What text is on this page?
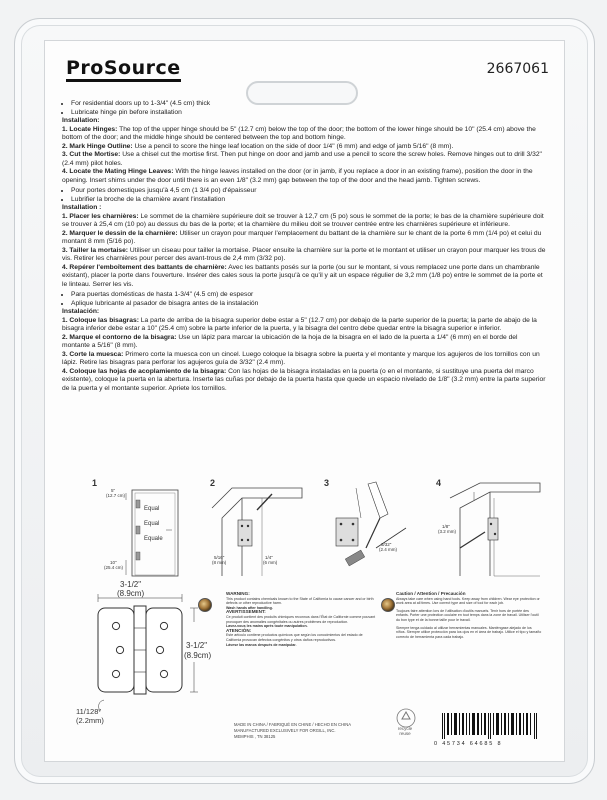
ProSource	2667061
• For residential doors up to 1-3/4" (4.5 cm) thick
• Lubricate hinge pin before installation
Installation:
1. Locate Hinges: The top of the upper hinge should be 5" (12.7 cm) below the top of the door; the bottom of the lower hinge should be 10" (25.4 cm) above the bottom of the door; and the middle hinge should be centered between the top and bottom hinge.
2. Mark Hinge Outline: Use a pencil to score the hinge leaf location on the side of door 1/4" (6 mm) and edge of jamb 5/16" (8 mm).
3. Cut the Mortise: Use a chisel cut the mortise first. Then put hinge on door and jamb and use a pencil to score the screw holes. Remove hinges out to drill 3/32" (2.4 mm) pilot holes.
4. Locate the Mating Hinge Leaves: With the hinge leaves installed on the door (or in jamb, if you replace a door in an existing frame), position the door in the opening. Insert shims under the door until there is an even 1/8" (3.2 mm) gap between the top of the door and the head jamb. Tighten screws.
• Pour portes domestiques jusqu'à 4,5 cm (1 3/4 po) d'épaisseur
• Lubrifier la broche de la charnière avant l'installation
Installation :
1. Placer les charnières: Le sommet de la charnière supérieure doit se trouver à 12,7 cm (5 po) sous le sommet de la porte; le bas de la charnière supérieure doit se trouver à 25,4 cm (10 po) au dessus du bas de la porte; et la charnière du milieu doit se trouver centrée entre les charnières supérieure et inférieure.
2. Marquer le dessin de la charnière: Utiliser un crayon pour marquer l'emplacement du battant de la charnière sur le chant de la porte 6 mm (1/4 po) et celui du montant 8 mm (5/16 po).
3. Tailler la mortaise: Utiliser un ciseau pour tailler la mortaise. Placer ensuite la charnière sur la porte et le montant et utiliser un crayon pour marquer les trous de vis. Retirer les charnières pour percer des avant-trous de 2,4 mm (3/32 po).
4. Repérer l'emboîtement des battants de charnière: Avec les battants posés sur la porte (ou sur le montant, si vous remplacez une porte dans un chambranle existant), placer la porte dans l'ouverture. Insérer des cales sous la porte jusqu'à ce qu'il y ait un espace régulier de 3,2 mm (1/8 po) entre le sommet de la porte et le linteau. Serrer les vis.
• Para puertas domésticas de hasta 1-3/4" (4.5 cm) de espesor
• Aplique lubricante al pasador de bisagra antes de la instalación
Instalación:
1. Coloque las bisagras: La parte de arriba de la bisagra superior debe estar a 5" (12.7 cm) por debajo de la parte superior de la puerta; la parte de abajo de la bisagra inferior debe estar a 10" (25.4 cm) sobre la parte inferior de la puerta, y la bisagra del centro debe quedar entre la bisagra superior e inferior.
2. Marque el contorno de la bisagra: Use un lápiz para marcar la ubicación de la hoja de la bisagra en el lado de la puerta a 1/4" (6 mm) en el borde del montante a 5/16" (8 mm).
3. Corte la muesca: Primero corte la muesca con un cincel. Luego coloque la bisagra sobre la puerta y el montante y marque los agujeros de los tornillos con un lápiz. Retire las bisagras para perforar los agujeros guía de 3/32" (2.4 mm).
4. Coloque las hojas de acoplamiento de la bisagra: Con las hojas de la bisagra instaladas en la puerta (o en el montante, si sustituye una puerta del marco existente), coloque la puerta en la abertura. Inserte las cuñas por debajo de la puerta hasta que quede un espacio nivelado de 1/8" (3.2 mm) entre la parte superior de la puerta y el montante superior. Apriete los tornillos.
1	2	3	4
5"
(12.7 cm)
Equal
Equal
Equale
10"
(25.4 cm)
5/16"
(8 mm)
1/4"
(6 mm)
3/32"
(2.4 mm)
1/8"
(3.2 mm)
3-1/2"
(8.9cm)
3-1/2"
(8.9cm)
11/128"
(2.2mm)
WARNING:
This product contains chemicals known to the State of California to cause cancer and or birth defects or other reproductive harm.
Wash hands after handling.
AVERTISSEMENT:
Ce produit contient des produits chimiques reconnus dans l'État de Californie comme pouvant provoquer des anomalies congénitales ou autres problèmes de reproduction.
Lavez-vous les mains après toute manipulation.
ATENCIÓN:
Este artículo contiene productos químicos que según los conocimientos del estado de California provocan defectos congénitos y otros daños reproductivos.
Lávese las manos después de manipular.
Caution / Attention / Precaución
Always take care when using hand tools. Keep away from children. Wear eye protection or work area at all times. Use correct type and size of tool for each job.
Toujours faire attention lors de l'utilisation d'outils manuels. Tenir hors de portée des enfants. Porter une protection oculaire en tout temps dans la zone de travail. Utiliser l'outil du bon type et de la bonne taille pour le travail.
Siempre tenga cuidado al utilizar herramientas manuales. Manténgase alejado de los niños. Siempre utilice protección para los ojos en el área de trabajo. Utilice el tipo y tamaño correcto de herramienta para cada trabajo.
MADE IN CHINA / FABRIQUÉ EN CHINE / HECHO EN CHINA
MANUFACTURED EXCLUSIVELY FOR ORGILL, INC.
MEMPHIS , TN 38125
recycle
reuse
0 45734 64685 8
